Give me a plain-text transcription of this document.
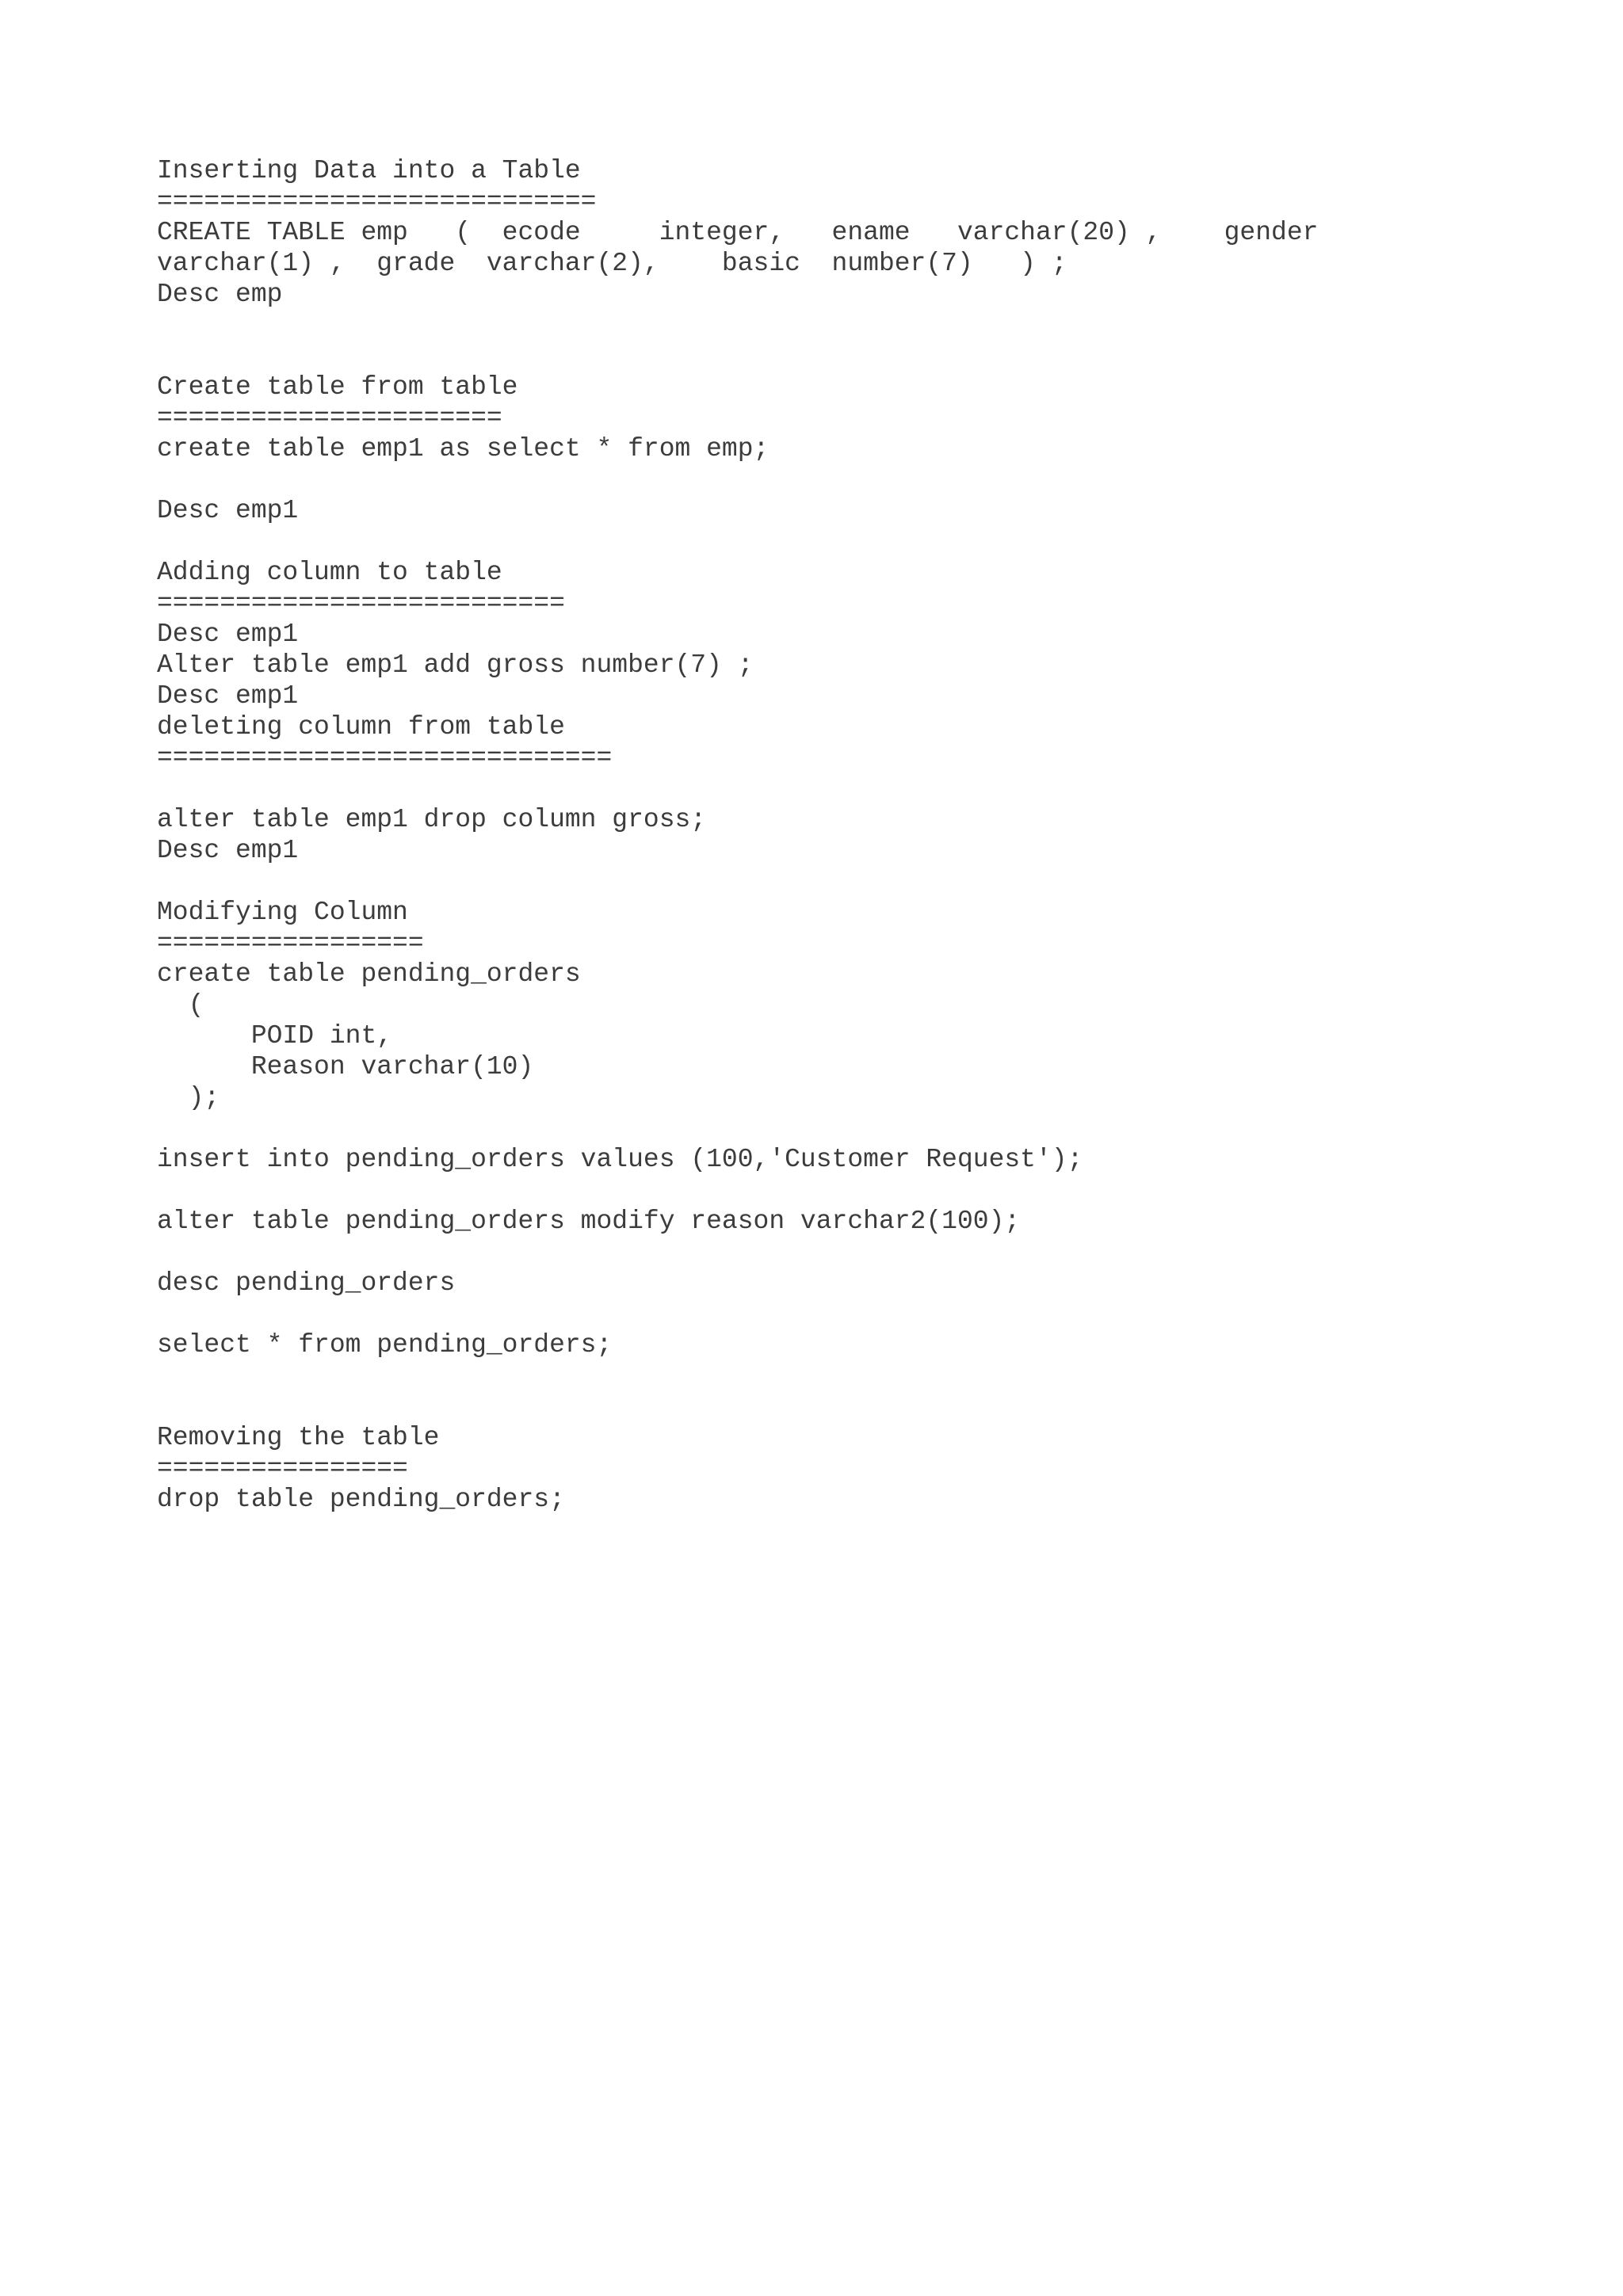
Inserting Data into a Table
============================
CREATE TABLE emp   (  ecode     integer,   ename   varchar(20) ,    gender
varchar(1) ,  grade  varchar(2),    basic  number(7)   ) ;
Desc emp
Create table from table
======================
create table emp1 as select * from emp;
Desc emp1
Adding column to table
==========================
Desc emp1
Alter table emp1 add gross number(7) ;
Desc emp1
deleting column from table
=============================
alter table emp1 drop column gross;
Desc emp1
Modifying Column
=================
create table pending_orders
(
POID int,
Reason varchar(10)
);
insert into pending_orders values (100,'Customer Request');
alter table pending_orders modify reason varchar2(100);
desc pending_orders
select * from pending_orders;
Removing the table
================
drop table pending_orders;
